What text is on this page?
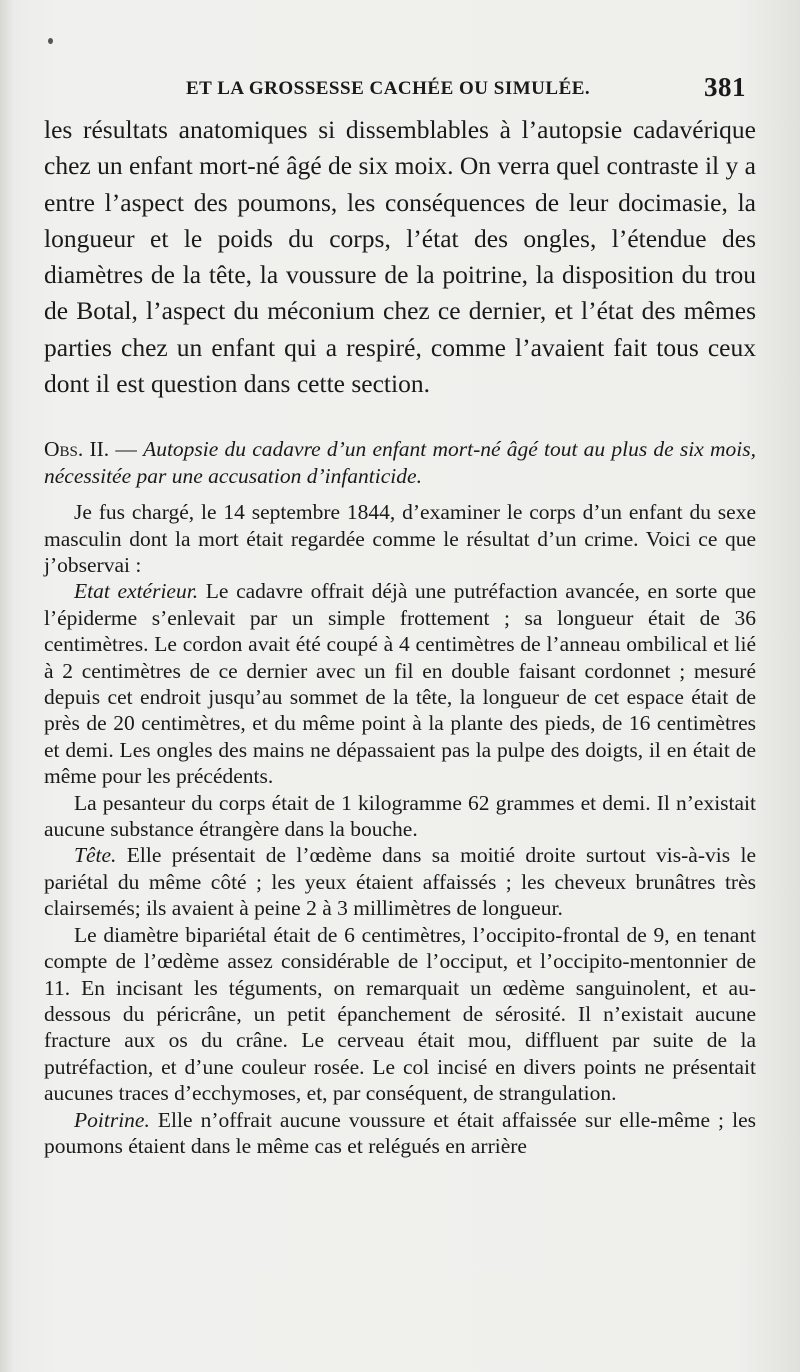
ET LA GROSSESSE CACHÉE OU SIMULÉE.	381

les résultats anatomiques si dissemblables à l’autopsie cadavérique chez un enfant mort-né âgé de six moix. On verra quel contraste il y a entre l’aspect des poumons, les conséquences de leur docimasie, la longueur et le poids du corps, l’état des ongles, l’étendue des diamètres de la tête, la voussure de la poitrine, la disposition du trou de Botal, l’aspect du méconium chez ce dernier, et l’état des mêmes parties chez un enfant qui a respiré, comme l’avaient fait tous ceux dont il est question dans cette section.

Obs. II. — Autopsie du cadavre d’un enfant mort-né âgé tout au plus de six mois, nécessitée par une accusation d’infanticide.

Je fus chargé, le 14 septembre 1844, d’examiner le corps d’un enfant du sexe masculin dont la mort était regardée comme le résultat d’un crime. Voici ce que j’observai :

Etat extérieur. Le cadavre offrait déjà une putréfaction avancée, en sorte que l’épiderme s’enlevait par un simple frottement ; sa longueur était de 36 centimètres. Le cordon avait été coupé à 4 centimètres de l’anneau ombilical et lié à 2 centimètres de ce dernier avec un fil en double faisant cordonnet ; mesuré depuis cet endroit jusqu’au sommet de la tête, la longueur de cet espace était de près de 20 centimètres, et du même point à la plante des pieds, de 16 centimètres et demi. Les ongles des mains ne dépassaient pas la pulpe des doigts, il en était de même pour les précédents.

La pesanteur du corps était de 1 kilogramme 62 grammes et demi. Il n’existait aucune substance étrangère dans la bouche.

Tête. Elle présentait de l’œdème dans sa moitié droite surtout vis-à-vis le pariétal du même côté ; les yeux étaient affaissés ; les cheveux brunâtres très clairsemés; ils avaient à peine 2 à 3 millimètres de longueur.

Le diamètre bipariétal était de 6 centimètres, l’occipito-frontal de 9, en tenant compte de l’œdème assez considérable de l’occiput, et l’occipito-mentonnier de 11. En incisant les téguments, on remarquait un œdème sanguinolent, et au-dessous du péricrâne, un petit épanchement de sérosité. Il n’existait aucune fracture aux os du crâne. Le cerveau était mou, diffluent par suite de la putréfaction, et d’une couleur rosée. Le col incisé en divers points ne présentait aucunes traces d’ecchymoses, et, par conséquent, de strangulation.

Poitrine. Elle n’offrait aucune voussure et était affaissée sur elle-même ; les poumons étaient dans le même cas et relégués en arrière
